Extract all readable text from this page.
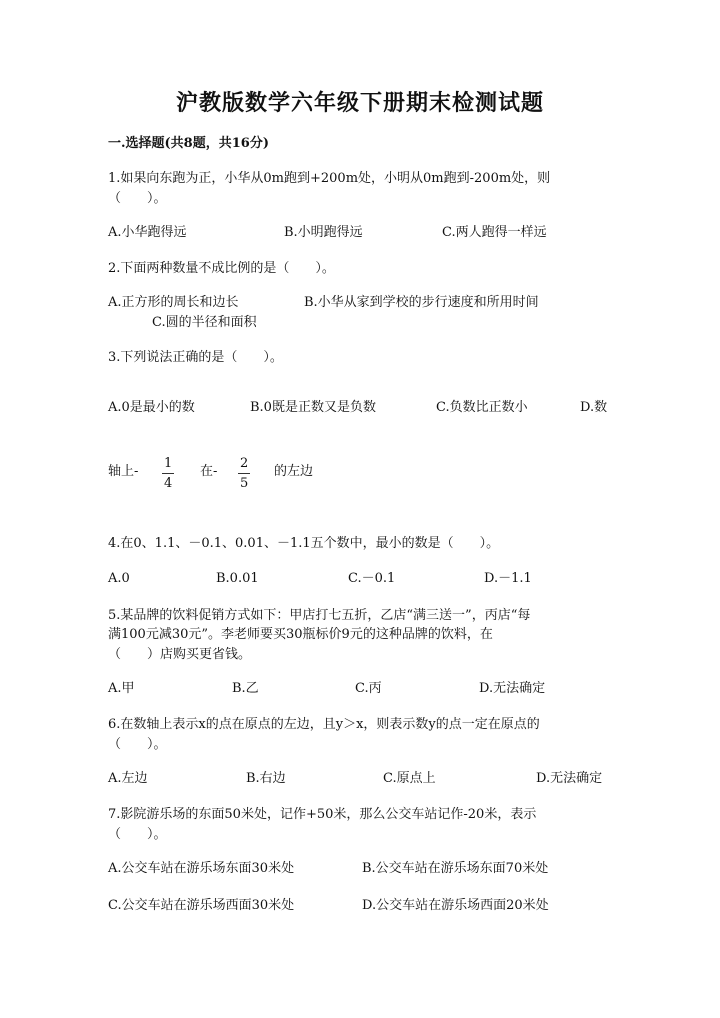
沪教版数学六年级下册期末检测试题
一.选择题(共8题，共16分)
1.如果向东跑为正，小华从0m跑到+200m处，小明从0m跑到-200m处，则
（　　）。
A.小华跑得远	B.小明跑得远	C.两人跑得一样远
2.下面两种数量不成比例的是（　　）。
A.正方形的周长和边长	B.小华从家到学校的步行速度和所用时间
C.圆的半径和面积
3.下列说法正确的是（　　）。
A.0是最小的数	B.0既是正数又是负数	C.负数比正数小	D.数
轴上-
1
4
在-
2
5
的左边
4.在0、1.1、－0.1、0.01、－1.1五个数中，最小的数是（　　）。
A.0	B.0.01	C.－0.1	D.－1.1
5.某品牌的饮料促销方式如下：甲店打七五折，乙店“满三送一”，丙店“每
满100元减30元”。李老师要买30瓶标价9元的这种品牌的饮料，在
（　　）店购买更省钱。
A.甲	B.乙	C.丙	D.无法确定
6.在数轴上表示x的点在原点的左边，且y＞x，则表示数y的点一定在原点的
（　　）。
A.左边	B.右边	C.原点上	D.无法确定
7.影院游乐场的东面50米处，记作+50米，那么公交车站记作-20米，表示
（　　）。
A.公交车站在游乐场东面30米处	B.公交车站在游乐场东面70米处
C.公交车站在游乐场西面30米处	D.公交车站在游乐场西面20米处
